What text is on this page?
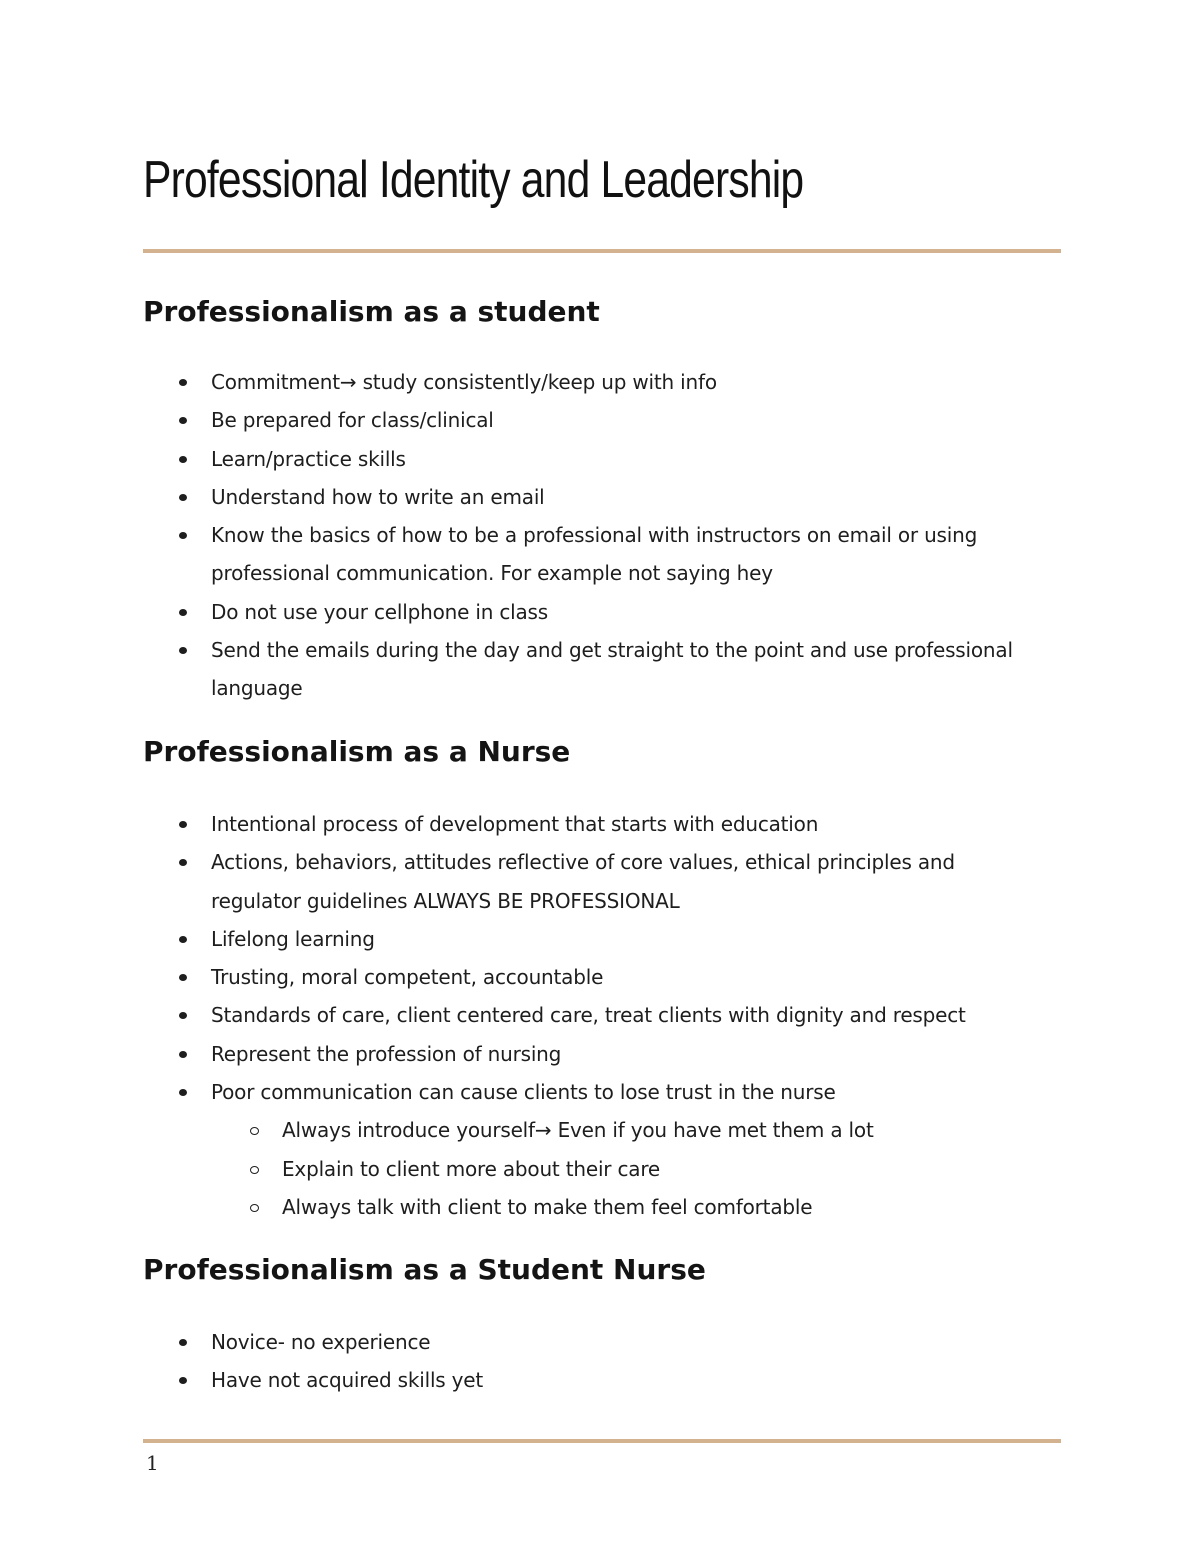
Professional Identity and Leadership
Professionalism as a student
Commitment→ study consistently/keep up with info
Be prepared for class/clinical
Learn/practice skills
Understand how to write an email
Know the basics of how to be a professional with instructors on email or using professional communication. For example not saying hey
Do not use your cellphone in class
Send the emails during the day and get straight to the point and use professional language
Professionalism as a Nurse
Intentional process of development that starts with education
Actions, behaviors, attitudes reflective of core values, ethical principles and regulator guidelines ALWAYS BE PROFESSIONAL
Lifelong learning
Trusting, moral competent, accountable
Standards of care, client centered care, treat clients with dignity and respect
Represent the profession of nursing
Poor communication can cause clients to lose trust in the nurse
Always introduce yourself→ Even if you have met them a lot
Explain to client more about their care
Always talk with client to make them feel comfortable
Professionalism as a Student Nurse
Novice- no experience
Have not acquired skills yet
1
